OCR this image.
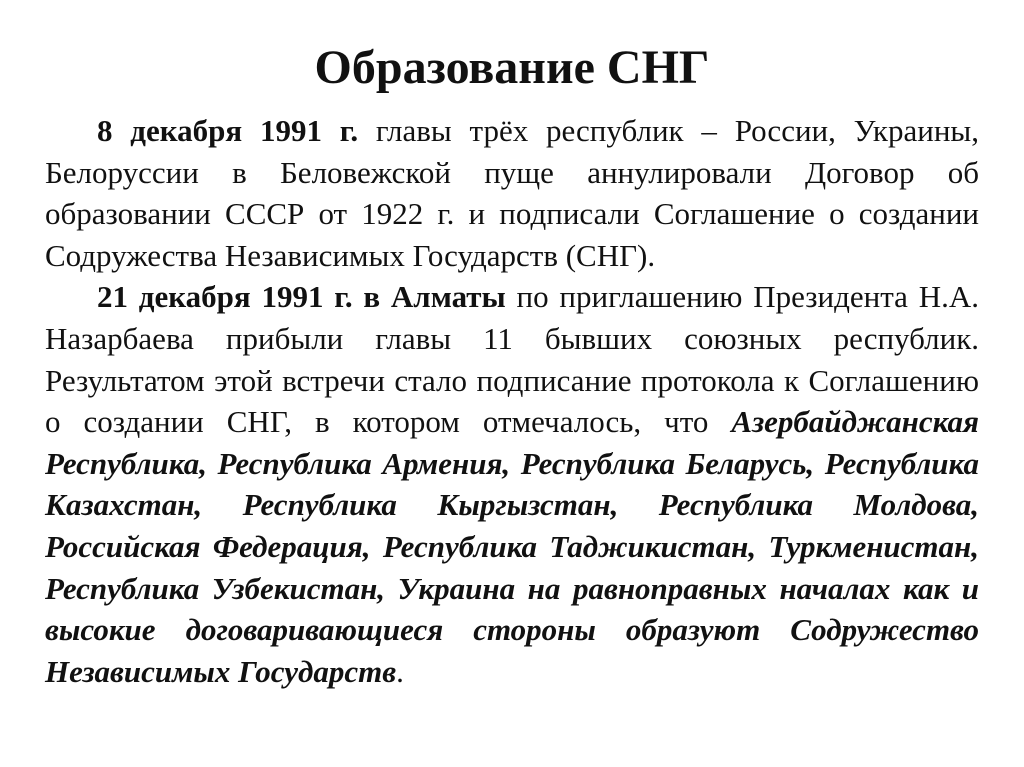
Образование СНГ

8 декабря 1991 г. главы трёх республик – России, Украины, Белоруссии в Беловежской пуще аннулировали Договор об образовании СССР от 1922 г. и подписали Соглашение о создании Содружества Независимых Государств (СНГ).

21 декабря 1991 г. в Алматы по приглашению Президента Н.А. Назарбаева прибыли главы 11 бывших союзных республик. Результатом этой встречи стало подписание протокола к Соглашению о создании СНГ, в котором отмечалось, что Азербайджанская Республика, Республика Армения, Республика Беларусь, Республика Казахстан, Республика Кыргызстан, Республика Молдова, Российская Федерация, Республика Таджикистан, Туркменистан, Республика Узбекистан, Украина на равноправных началах как и высокие договаривающиеся стороны образуют Содружество Независимых Государств.
